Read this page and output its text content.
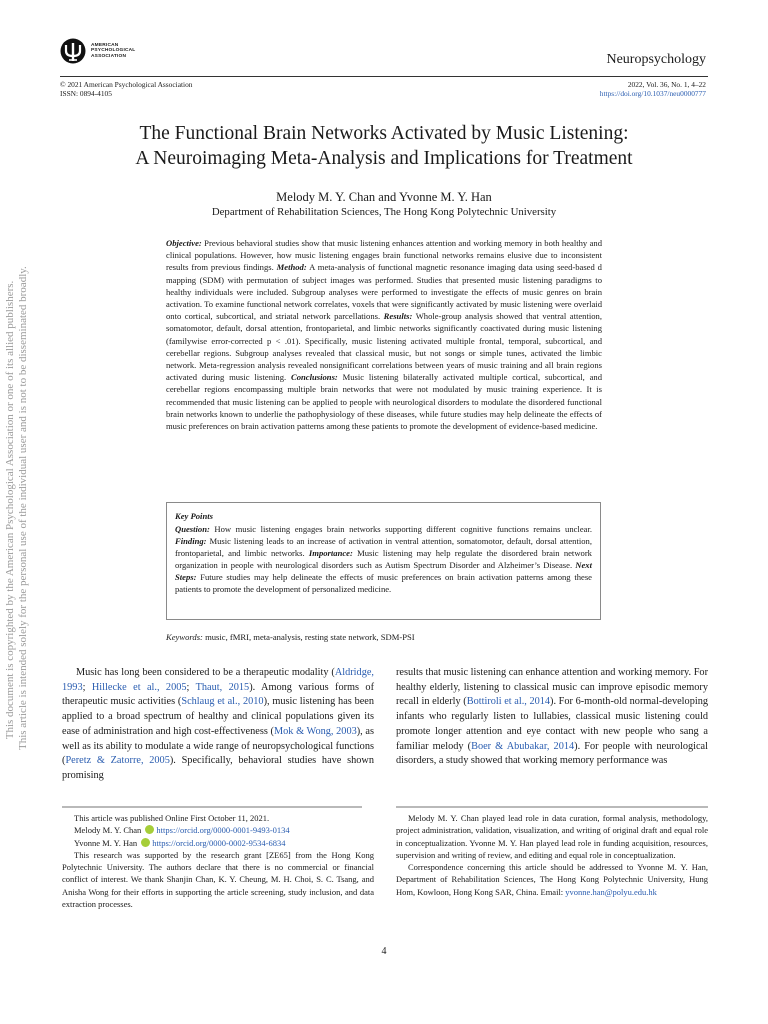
This document is copyrighted by the American Psychological Association or one of its allied publishers. This article is intended solely for the personal use of the individual user and is not to be disseminated broadly.
AMERICAN
PSYCHOLOGICAL
ASSOCIATION	Neuropsychology
© 2021 American Psychological Association
ISSN: 0894-4105
2022, Vol. 36, No. 1, 4–22
https://doi.org/10.1037/neu0000777
The Functional Brain Networks Activated by Music Listening:
A Neuroimaging Meta-Analysis and Implications for Treatment
Melody M. Y. Chan and Yvonne M. Y. Han
Department of Rehabilitation Sciences, The Hong Kong Polytechnic University
Objective: Previous behavioral studies show that music listening enhances attention and working memory in both healthy and clinical populations. However, how music listening engages brain functional networks remains elusive due to inconsistent results from previous findings. Method: A meta-analysis of functional magnetic resonance imaging data using seed-based d mapping (SDM) with permutation of subject images was performed. Studies that presented music listening paradigms to healthy individuals were included. Subgroup analyses were performed to investigate the effects of music genres on brain activation. To examine functional network correlates, voxels that were significantly activated by music listening were overlaid onto cortical, subcortical, and striatal network parcellations. Results: Whole-group analysis showed that ventral attention, somatomotor, default, dorsal attention, frontoparietal, and limbic networks significantly coactivated during music listening (familywise error-corrected p < .01). Specifically, music listening activated multiple frontal, temporal, subcortical, and cerebellar regions. Subgroup analyses revealed that classical music, but not songs or simple tunes, activated the limbic network. Meta-regression analysis revealed nonsignificant correlations between years of music training and all brain regions activated during music listening. Conclusions: Music listening bilaterally activated multiple cortical, subcortical, and cerebellar regions encompassing multiple brain networks that were not modulated by music training experience. It is recommended that music listening can be applied to people with neurological disorders to modulate the disordered functional brain networks known to underlie the pathophysiology of these diseases, while future studies may help delineate the effects of music preferences on brain activation patterns among these patients to promote the development of evidence-based medicine.
Key Points
Question: How music listening engages brain networks supporting different cognitive functions remains unclear. Finding: Music listening leads to an increase of activation in ventral attention, somatomotor, default, dorsal attention, frontoparietal, and limbic networks. Importance: Music listening may help regulate the disordered brain network organization in people with neurological disorders such as Autism Spectrum Disorder and Alzheimer’s Disease. Next Steps: Future studies may help delineate the effects of music preferences on brain activation patterns among these patients to promote the development of personalized medicine.
Keywords: music, fMRI, meta-analysis, resting state network, SDM-PSI
Music has long been considered to be a therapeutic modality (Aldridge, 1993; Hillecke et al., 2005; Thaut, 2015). Among various forms of therapeutic music activities (Schlaug et al., 2010), music listening has been applied to a broad spectrum of healthy and clinical populations given its ease of administration and high cost-effectiveness (Mok & Wong, 2003), as well as its ability to modulate a wide range of neuropsychological functions (Peretz & Zatorre, 2005). Specifically, behavioral studies have shown promising
results that music listening can enhance attention and working memory. For healthy elderly, listening to classical music can improve episodic memory recall in elderly (Bottiroli et al., 2014). For 6-month-old normal-developing infants who regularly listen to lullabies, classical music listening could promote longer attention and eye contact with new people who sang a familiar melody (Boer & Abubakar, 2014). For people with neurological disorders, a study showed that working memory performance was

This article was published Online First October 11, 2021.

Melody M. Y. Chan https://orcid.org/0000-0001-9493-0134

Yvonne M. Y. Han https://orcid.org/0000-0002-9534-6834

This research was supported by the research grant [ZE65] from the Hong Kong Polytechnic University. The authors declare that there is no commercial or financial conflict of interest. We thank Shanjin Chan, K. Y. Cheung, M. H. Choi, S. C. Tsang, and Anisha Wong for their efforts in supporting the article screening, study inclusion, and data extraction processes.

Melody M. Y. Chan played lead role in data curation, formal analysis, methodology, project administration, validation, visualization, and writing of original draft and equal role in conceptualization. Yvonne M. Y. Han played lead role in funding acquisition, resources, supervision and writing of review, and editing and equal role in conceptualization.

Correspondence concerning this article should be addressed to Yvonne M. Y. Han, Department of Rehabilitation Sciences, The Hong Kong Polytechnic University, Hung Hom, Kowloon, Hong Kong SAR, China. Email: yvonne.han@polyu.edu.hk

4
